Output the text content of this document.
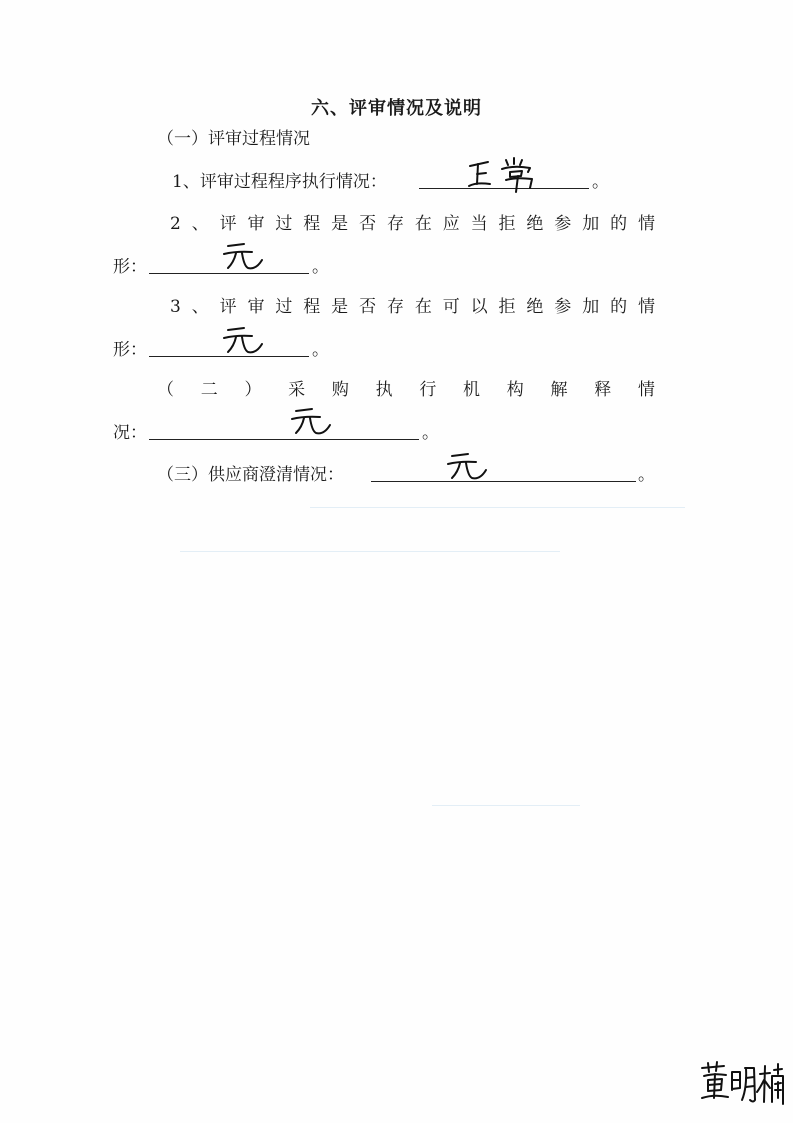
六、评审情况及说明
（一）评审过程情况
1、评审过程程序执行情况：	。
2 、 评 审 过 程 是 否 存 在 应 当 拒 绝 参 加 的 情
形：	。
3 、 评 审 过 程 是 否 存 在 可 以 拒 绝 参 加 的 情
形：	。
（ 二 ） 采 购 执 行 机 构 解 释 情
况：	。
（三）供应商澄清情况：	。
